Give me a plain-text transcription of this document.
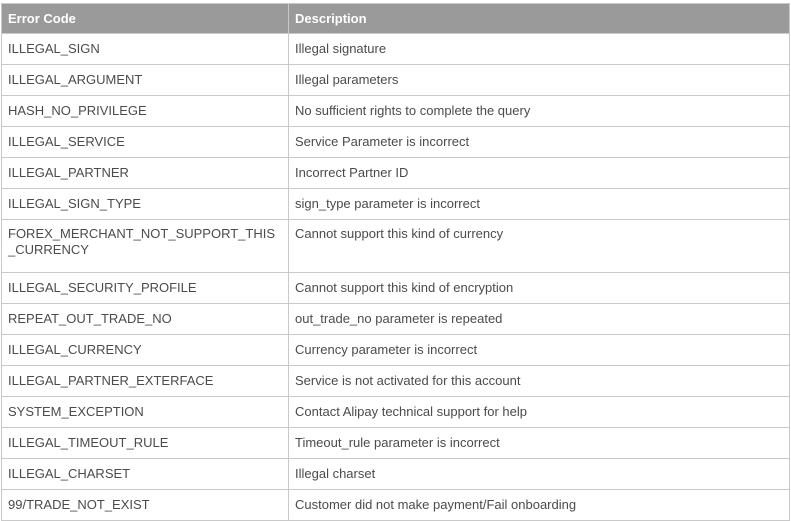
Error Code	Description
ILLEGAL_SIGN	Illegal signature
ILLEGAL_ARGUMENT	Illegal parameters
HASH_NO_PRIVILEGE	No sufficient rights to complete the query
ILLEGAL_SERVICE	Service Parameter is incorrect
ILLEGAL_PARTNER	Incorrect Partner ID
ILLEGAL_SIGN_TYPE	sign_type parameter is incorrect
FOREX_MERCHANT_NOT_SUPPORT_THIS_CURRENCY	Cannot support this kind of currency
ILLEGAL_SECURITY_PROFILE	Cannot support this kind of encryption
REPEAT_OUT_TRADE_NO	out_trade_no parameter is repeated
ILLEGAL_CURRENCY	Currency parameter is incorrect
ILLEGAL_PARTNER_EXTERFACE	Service is not activated for this account
SYSTEM_EXCEPTION	Contact Alipay technical support for help
ILLEGAL_TIMEOUT_RULE	Timeout_rule parameter is incorrect
ILLEGAL_CHARSET	Illegal charset
99/TRADE_NOT_EXIST	Customer did not make payment/Fail onboarding
